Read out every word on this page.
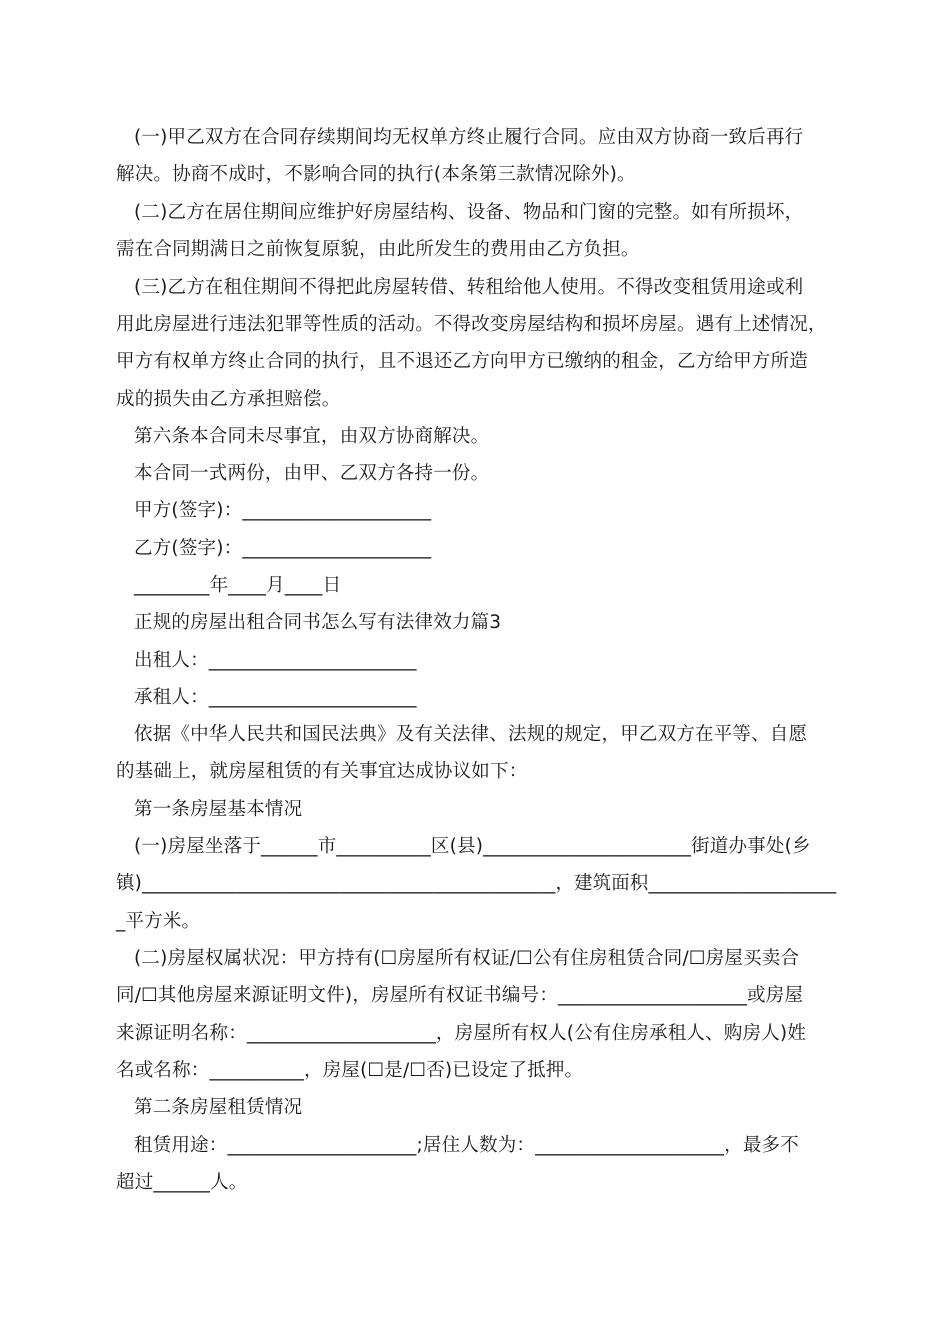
(一)甲乙双方在合同存续期间均无权单方终止履行合同。应由双方协商一致后再行
解决。协商不成时，不影响合同的执行(本条第三款情况除外)。
(二)乙方在居住期间应维护好房屋结构、设备、物品和门窗的完整。如有所损坏，
需在合同期满日之前恢复原貌，由此所发生的费用由乙方负担。
(三)乙方在租住期间不得把此房屋转借、转租给他人使用。不得改变租赁用途或利
用此房屋进行违法犯罪等性质的活动。不得改变房屋结构和损坏房屋。遇有上述情况，
甲方有权单方终止合同的执行，且不退还乙方向甲方已缴纳的租金，乙方给甲方所造
成的损失由乙方承担赔偿。
第六条本合同未尽事宜，由双方协商解决。
本合同一式两份，由甲、乙双方各持一份。
甲方(签字)：____________________
乙方(签字)：____________________
________年____月____日
正规的房屋出租合同书怎么写有法律效力篇3
出租人：______________________
承租人：______________________
依据《中华人民共和国民法典》及有关法律、法规的规定，甲乙双方在平等、自愿
的基础上，就房屋租赁的有关事宜达成协议如下：
第一条房屋基本情况
(一)房屋坐落于______市__________区(县)______________________街道办事处(乡
镇)____________________________________________，建筑面积____________________
_平方米。
(二)房屋权属状况：甲方持有(☐房屋所有权证/☐公有住房租赁合同/☐房屋买卖合
同/☐其他房屋来源证明文件)，房屋所有权证书编号：____________________或房屋
来源证明名称：____________________，房屋所有权人(公有住房承租人、购房人)姓
名或名称：__________，房屋(☐是/☐否)已设定了抵押。
第二条房屋租赁情况
租赁用途：____________________;居住人数为：____________________，最多不
超过______人。
